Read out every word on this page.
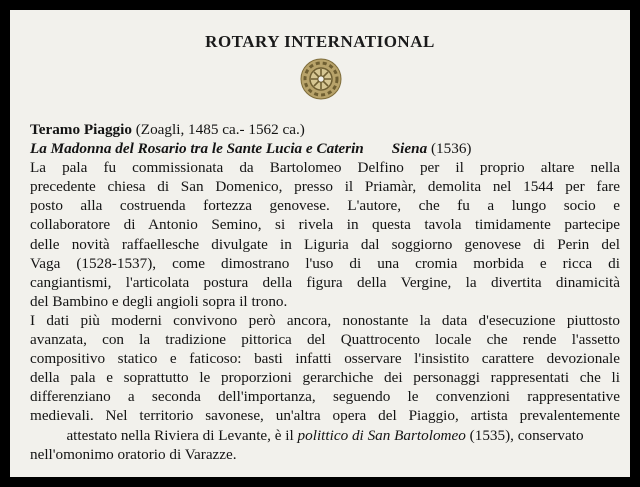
ROTARY INTERNATIONAL
Teramo Piaggio (Zoagli, 1485 ca.- 1562 ca.)
La Madonna del Rosario tra le Sante Lucia e Caterin Siena (1536)
La pala fu commissionata da Bartolomeo Delfino per il proprio altare nella
precedente chiesa di San Domenico, presso il Priamàr, demolita nel 1544 per fare
posto alla costruenda fortezza genovese. L'autore, che fu a lungo socio e
collaboratore di Antonio Semino, si rivela in questa tavola timidamente partecipe
delle novità raffaellesche divulgate in Liguria dal soggiorno genovese di Perin del
Vaga (1528-1537), come dimostrano l'uso di una cromia morbida e ricca di
cangiantismi, l'articolata postura della figura della Vergine, la divertita dinamicità
del Bambino e degli angioli sopra il trono.
I dati più moderni convivono però ancora, nonostante la data d'esecuzione piuttosto
avanzata, con la tradizione pittorica del Quattrocento locale che rende l'assetto
compositivo statico e faticoso: basti infatti osservare l'insistito carattere devozionale
della pala e soprattutto le proporzioni gerarchiche dei personaggi rappresentati che li
differenziano a seconda dell'importanza, seguendo le convenzioni rappresentative
medievali. Nel territorio savonese, un'altra opera del Piaggio, artista prevalentemente
attestato nella Riviera di Levante, è il polittico di San Bartolomeo (1535), conservato
nell'omonimo oratorio di Varazze.
